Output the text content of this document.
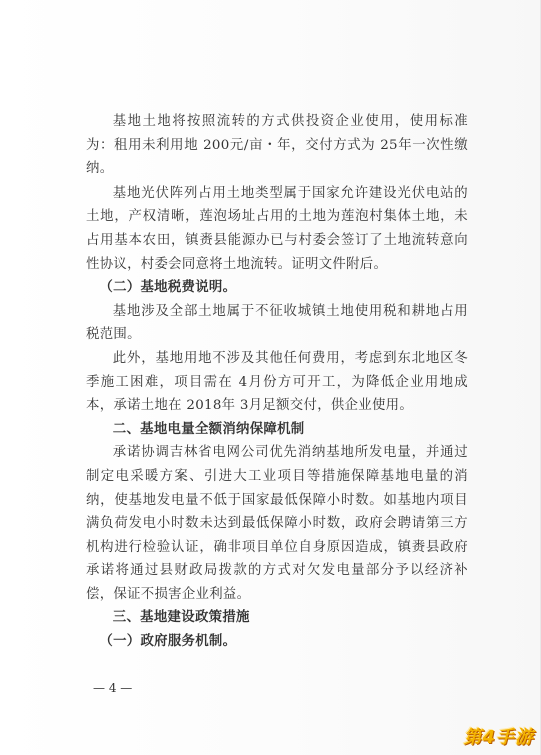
基地土地将按照流转的方式供投资企业使用，使用标准为：租用未利用地 200元/亩・年，交付方式为 25年一次性缴纳。

基地光伏阵列占用土地类型属于国家允许建设光伏电站的土地，产权清晰，莲泡场址占用的土地为莲泡村集体土地，未占用基本农田，镇赉县能源办已与村委会签订了土地流转意向性协议，村委会同意将土地流转。证明文件附后。

（二）基地税费说明。

基地涉及全部土地属于不征收城镇土地使用税和耕地占用税范围。

此外，基地用地不涉及其他任何费用，考虑到东北地区冬季施工困难，项目需在 4月份方可开工，为降低企业用地成本，承诺土地在 2018年 3月足额交付，供企业使用。

二、基地电量全额消纳保障机制

承诺协调吉林省电网公司优先消纳基地所发电量，并通过制定电采暖方案、引进大工业项目等措施保障基地电量的消纳，使基地发电量不低于国家最低保障小时数。如基地内项目满负荷发电小时数未达到最低保障小时数，政府会聘请第三方机构进行检验认证，确非项目单位自身原因造成，镇赉县政府承诺将通过县财政局拨款的方式对欠发电量部分予以经济补偿，保证不损害企业利益。

三、基地建设政策措施

（一）政府服务机制。

— 4 —
第4手游
